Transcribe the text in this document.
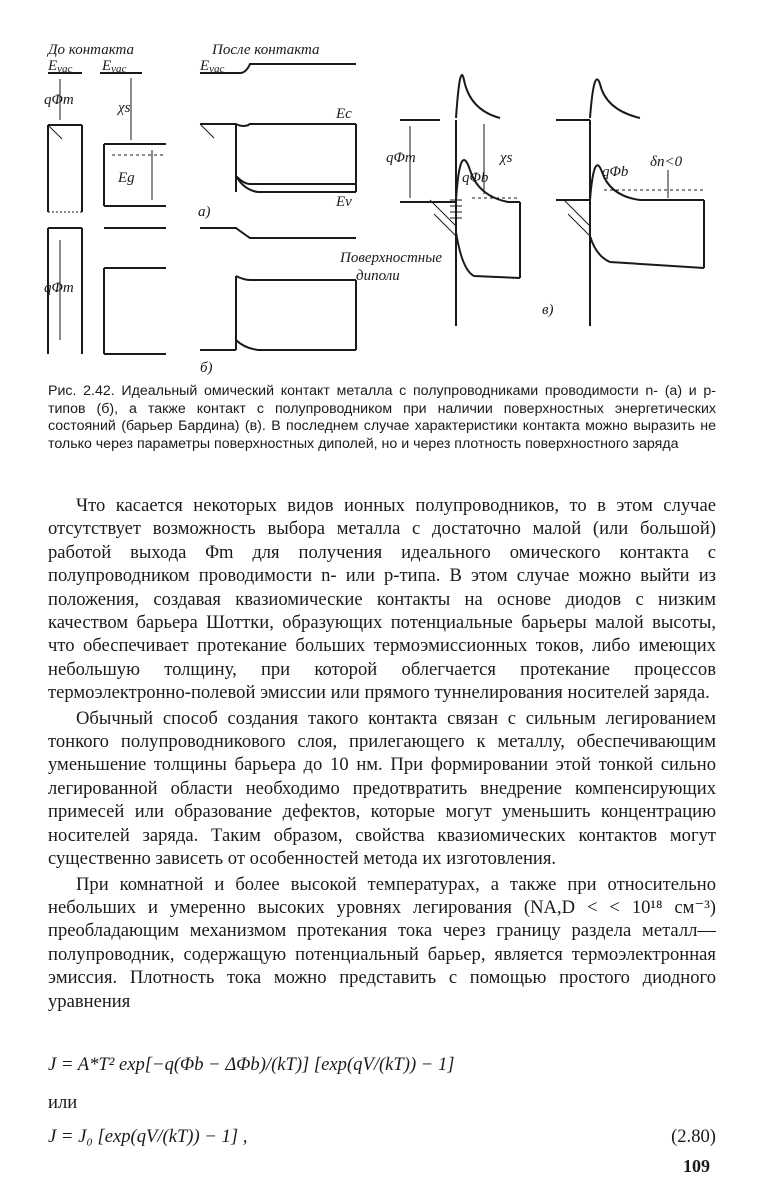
До контакта	После контакта
Evac Evac	Evac
qΦm	χs
Eg
qΦm
Ec
Ev
а)
б)
qΦm
qΦb
χs
qΦb
δn<0
Поверхностные
диполи
в)
Рис. 2.42. Идеальный омический контакт металла с полупроводниками проводимости n- (а) и p-типов (б), а также контакт с полупроводником при наличии поверхностных энергетических состояний (барьер Бардина) (в). В последнем случае характеристики контакта можно выразить не только через параметры поверхностных диполей, но и через плотность поверхностного заряда

Что касается некоторых видов ионных полупроводников, то в этом случае отсутствует возможность выбора металла с достаточно малой (или большой) работой выхода Φm для получения идеального омического контакта с полупроводником проводимости n- или p-типа. В этом случае можно выйти из положения, создавая квазиомические контакты на основе диодов с низким качеством барьера Шоттки, образующих потенциальные барьеры малой высоты, что обеспечивает протекание больших термоэмиссионных токов, либо имеющих небольшую толщину, при которой облегчается протекание процессов термоэлектронно-полевой эмиссии или прямого туннелирования носителей заряда.

Обычный способ создания такого контакта связан с сильным легированием тонкого полупроводникового слоя, прилегающего к металлу, обеспечивающим уменьшение толщины барьера до 10 нм. При формировании этой тонкой сильно легированной области необходимо предотвратить внедрение компенсирующих примесей или образование дефектов, которые могут уменьшить концентрацию носителей заряда. Таким образом, свойства квазиомических контактов могут существенно зависеть от особенностей метода их изготовления.

При комнатной и более высокой температурах, а также при относительно небольших и умеренно высоких уровнях легирования (NA,D < < 10¹⁸ см⁻³) преобладающим механизмом протекания тока через границу раздела металл—полупроводник, содержащую потенциальный барьер, является термоэлектронная эмиссия. Плотность тока можно представить с помощью простого диодного уравнения

J = A*T² exp[−q(Φb − ΔΦb)/(kT)] [exp(qV/(kT)) − 1]
или
J = J₀ [exp(qV/(kT)) − 1] ,	(2.80)
109
